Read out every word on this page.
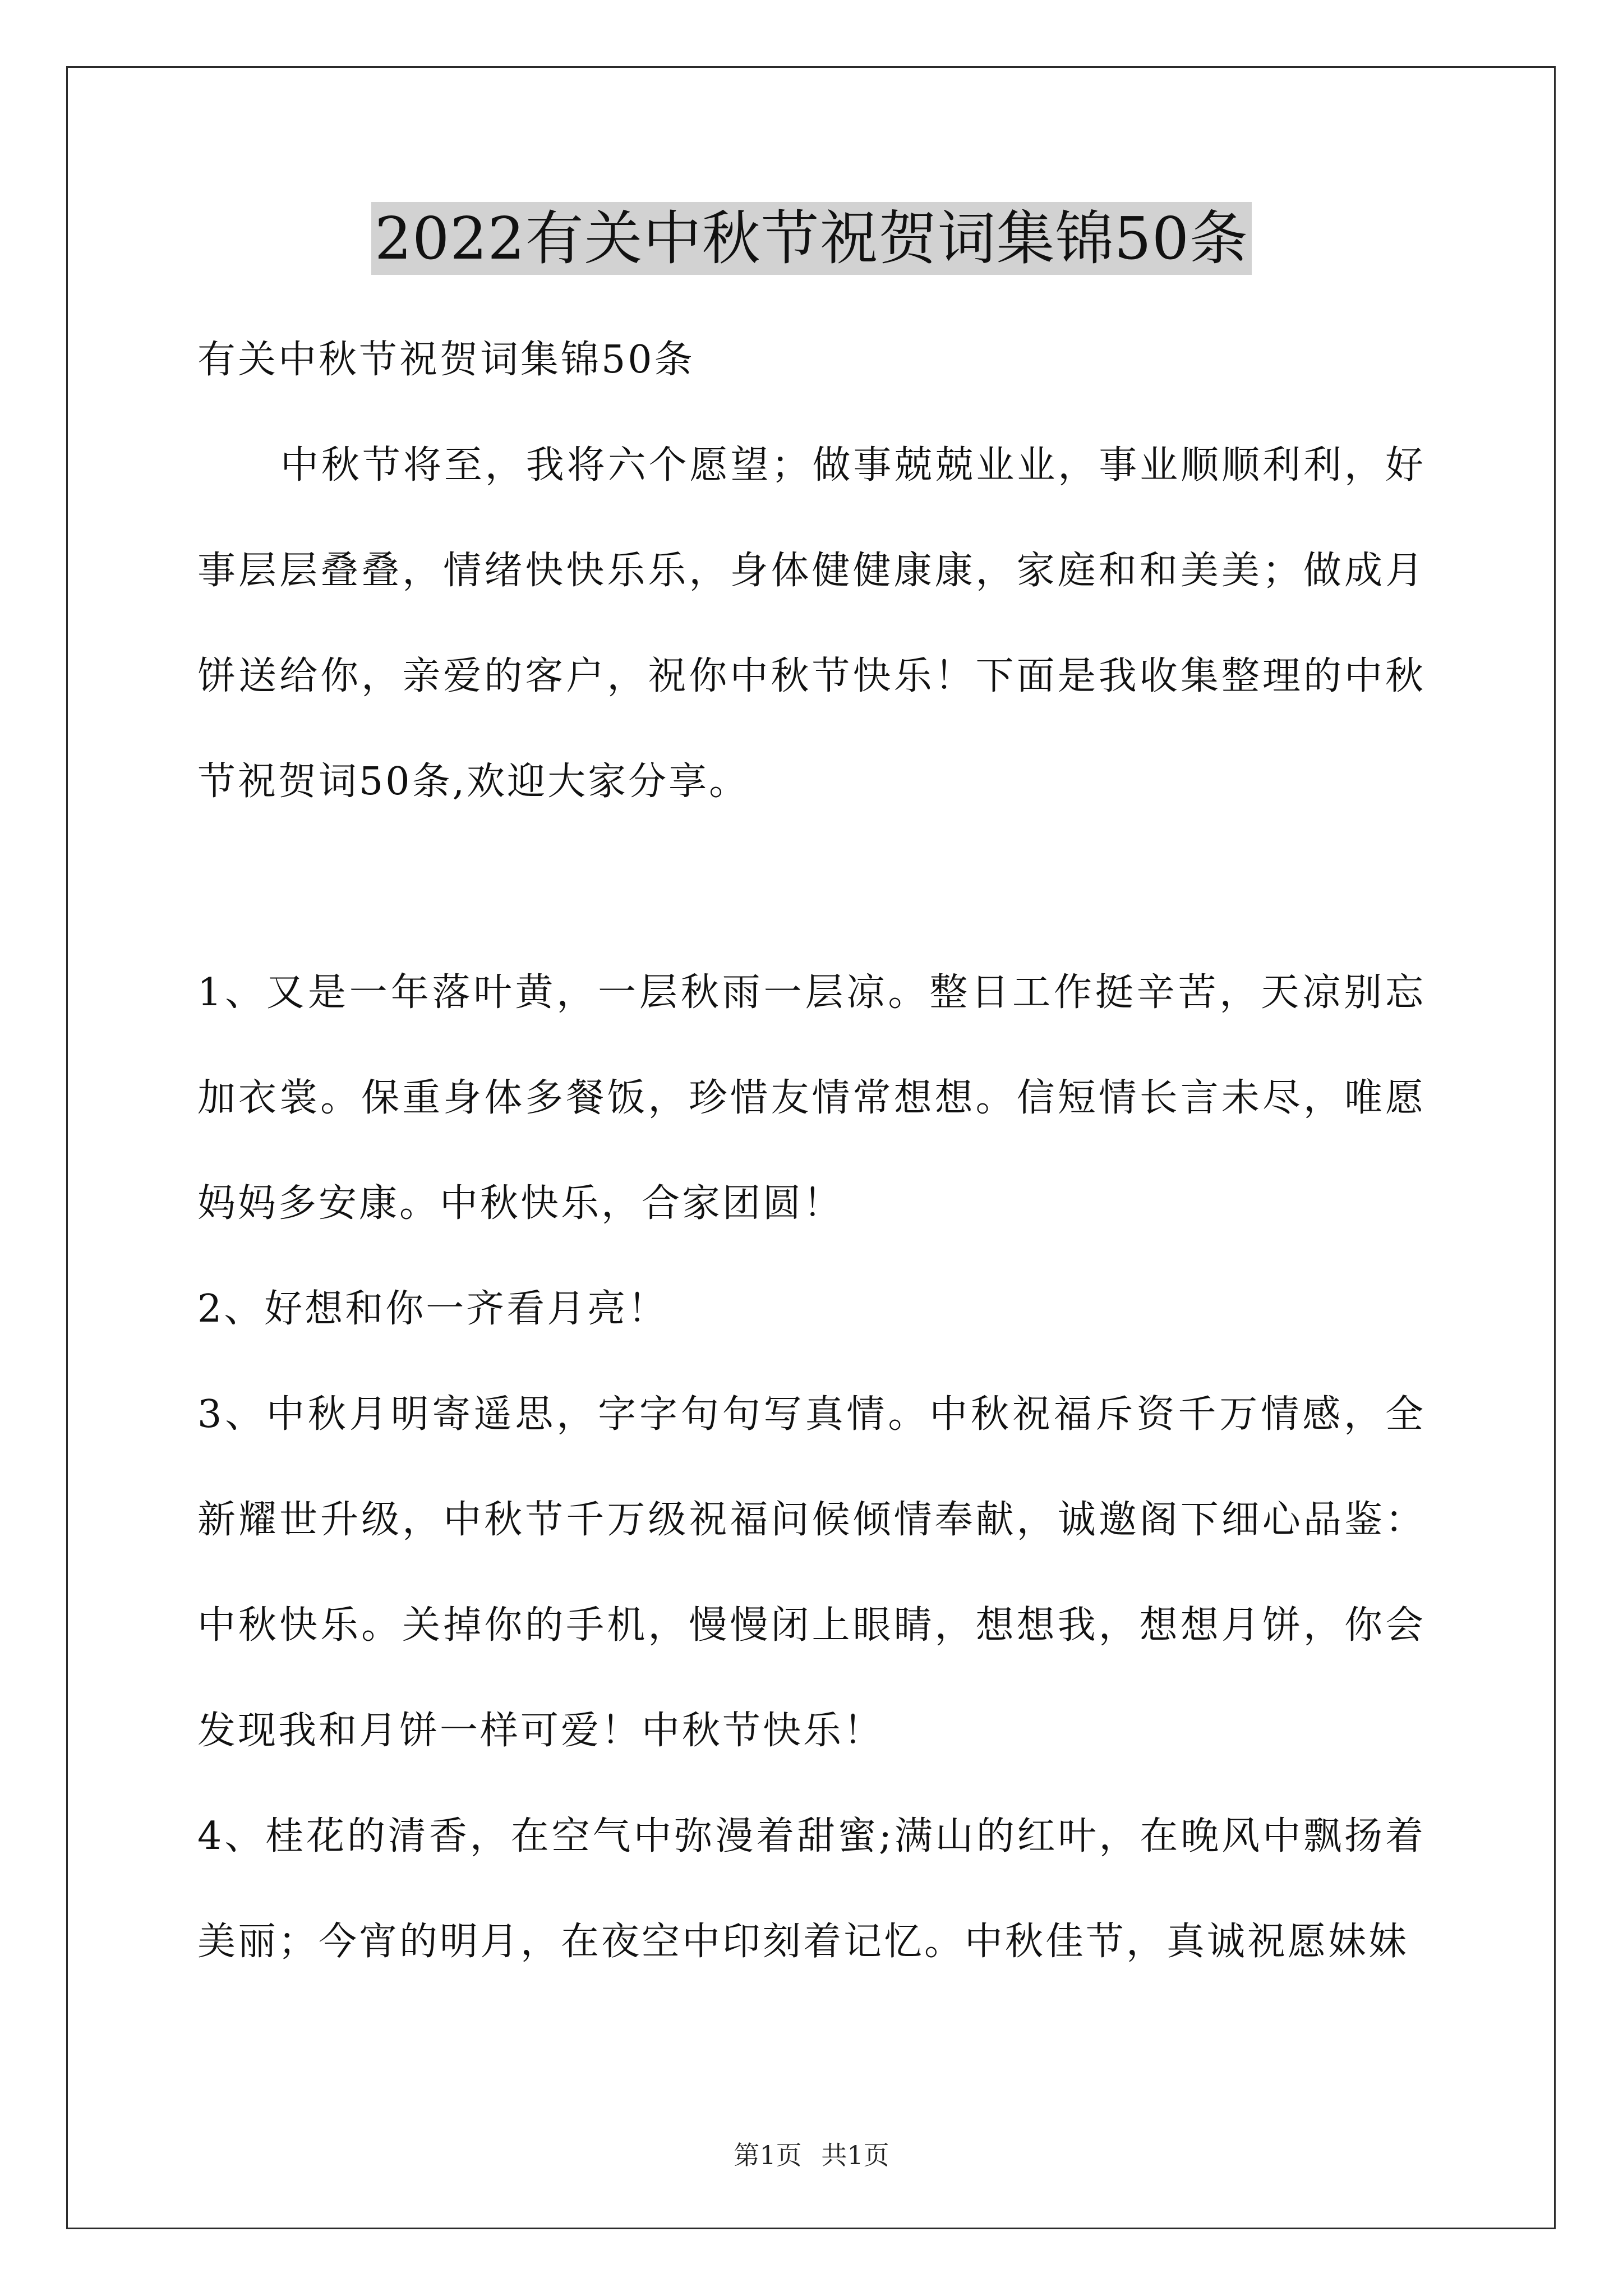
2022有关中秋节祝贺词集锦50条

有关中秋节祝贺词集锦50条

中秋节将至，我将六个愿望；做事兢兢业业，事业顺顺利利，好事层层叠叠，情绪快快乐乐，身体健健康康，家庭和和美美；做成月饼送给你，亲爱的客户，祝你中秋节快乐！下面是我收集整理的中秋节祝贺词50条,欢迎大家分享。

1、又是一年落叶黄，一层秋雨一层凉。整日工作挺辛苦，天凉别忘加衣裳。保重身体多餐饭，珍惜友情常想想。信短情长言未尽，唯愿妈妈多安康。中秋快乐，合家团圆！

2、好想和你一齐看月亮！

3、中秋月明寄遥思，字字句句写真情。中秋祝福斥资千万情感，全新耀世升级，中秋节千万级祝福问候倾情奉献，诚邀阁下细心品鉴：中秋快乐。关掉你的手机，慢慢闭上眼睛，想想我，想想月饼，你会发现我和月饼一样可爱！中秋节快乐！

4、桂花的清香，在空气中弥漫着甜蜜;满山的红叶，在晚风中飘扬着美丽；今宵的明月，在夜空中印刻着记忆。中秋佳节，真诚祝愿妹妹

第1页 共1页
